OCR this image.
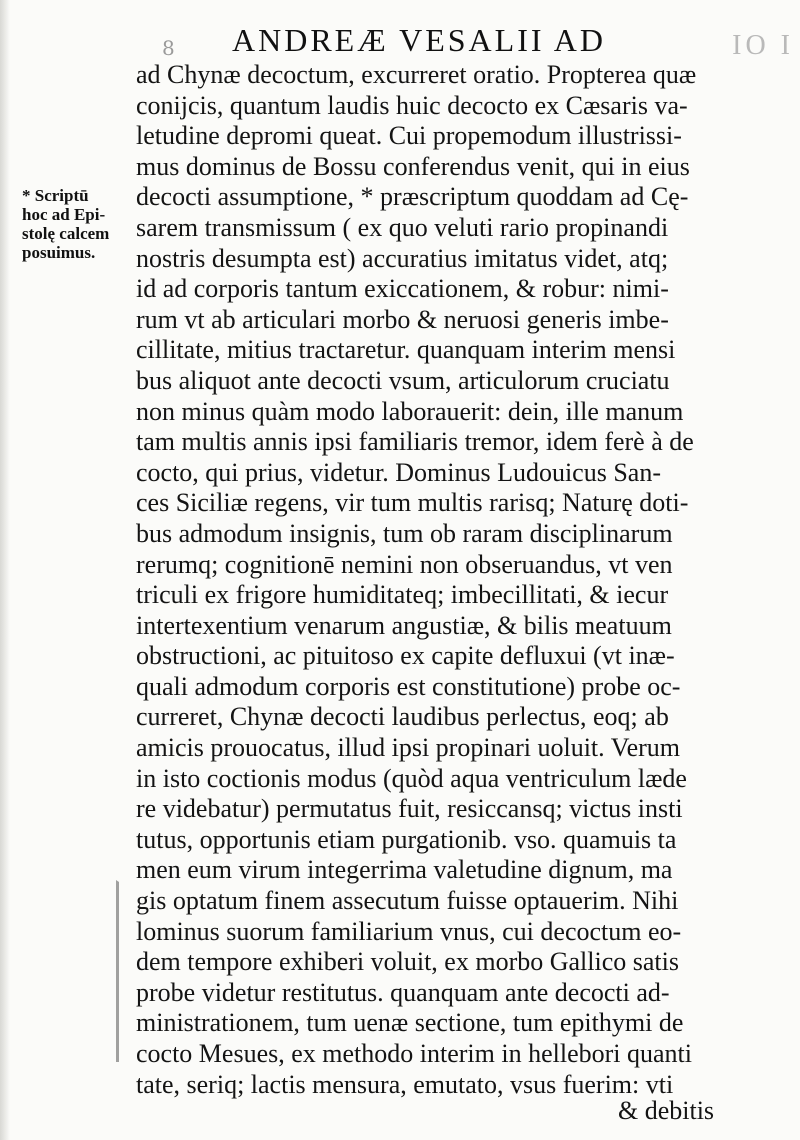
8 ANDREÆ VESALII AD	IO I
* Scriptū
hoc ad Epi-
stolę calcem
posuimus.
ad Chynæ decoctum, excurreret oratio. Propterea quæ
conijcis, quantum laudis huic decocto ex Cæsaris va-
letudine depromi queat. Cui propemodum illustrissi-
mus dominus de Bossu conferendus venit, qui in eius
decocti assumptione, * præscriptum quoddam ad Cę-
sarem transmissum ( ex quo veluti rario propinandi
nostris desumpta est) accuratius imitatus videt, atq;
id ad corporis tantum exiccationem, & robur: nimi-
rum vt ab articulari morbo & neruosi generis imbe-
cillitate, mitius tractaretur. quanquam interim mensi
bus aliquot ante decocti vsum, articulorum cruciatu
non minus quàm modo laborauerit: dein, ille manum
tam multis annis ipsi familiaris tremor, idem ferè à de
cocto, qui prius, videtur. Dominus Ludouicus San-
ces Siciliæ regens, vir tum multis rarisq; Naturę doti-
bus admodum insignis, tum ob raram disciplinarum
rerumq; cognitionē nemini non obseruandus, vt ven
triculi ex frigore humiditateq; imbecillitati, & iecur
intertexentium venarum angustiæ, & bilis meatuum
obstructioni, ac pituitoso ex capite defluxui (vt inæ-
quali admodum corporis est constitutione) probe oc-
curreret, Chynæ decocti laudibus perlectus, eoq; ab
amicis prouocatus, illud ipsi propinari uoluit. Verum
in isto coctionis modus (quòd aqua ventriculum læde
re videbatur) permutatus fuit, resiccansq; victus insti
tutus, opportunis etiam purgationib. vso. quamuis ta
men eum virum integerrima valetudine dignum, ma
gis optatum finem assecutum fuisse optauerim. Nihi
lominus suorum familiarium vnus, cui decoctum eo-
dem tempore exhiberi voluit, ex morbo Gallico satis
probe videtur restitutus. quanquam ante decocti ad-
ministrationem, tum uenæ sectione, tum epithymi de
cocto Mesues, ex methodo interim in hellebori quanti
tate, seriq; lactis mensura, emutato, vsus fuerim: vti
& debitis
